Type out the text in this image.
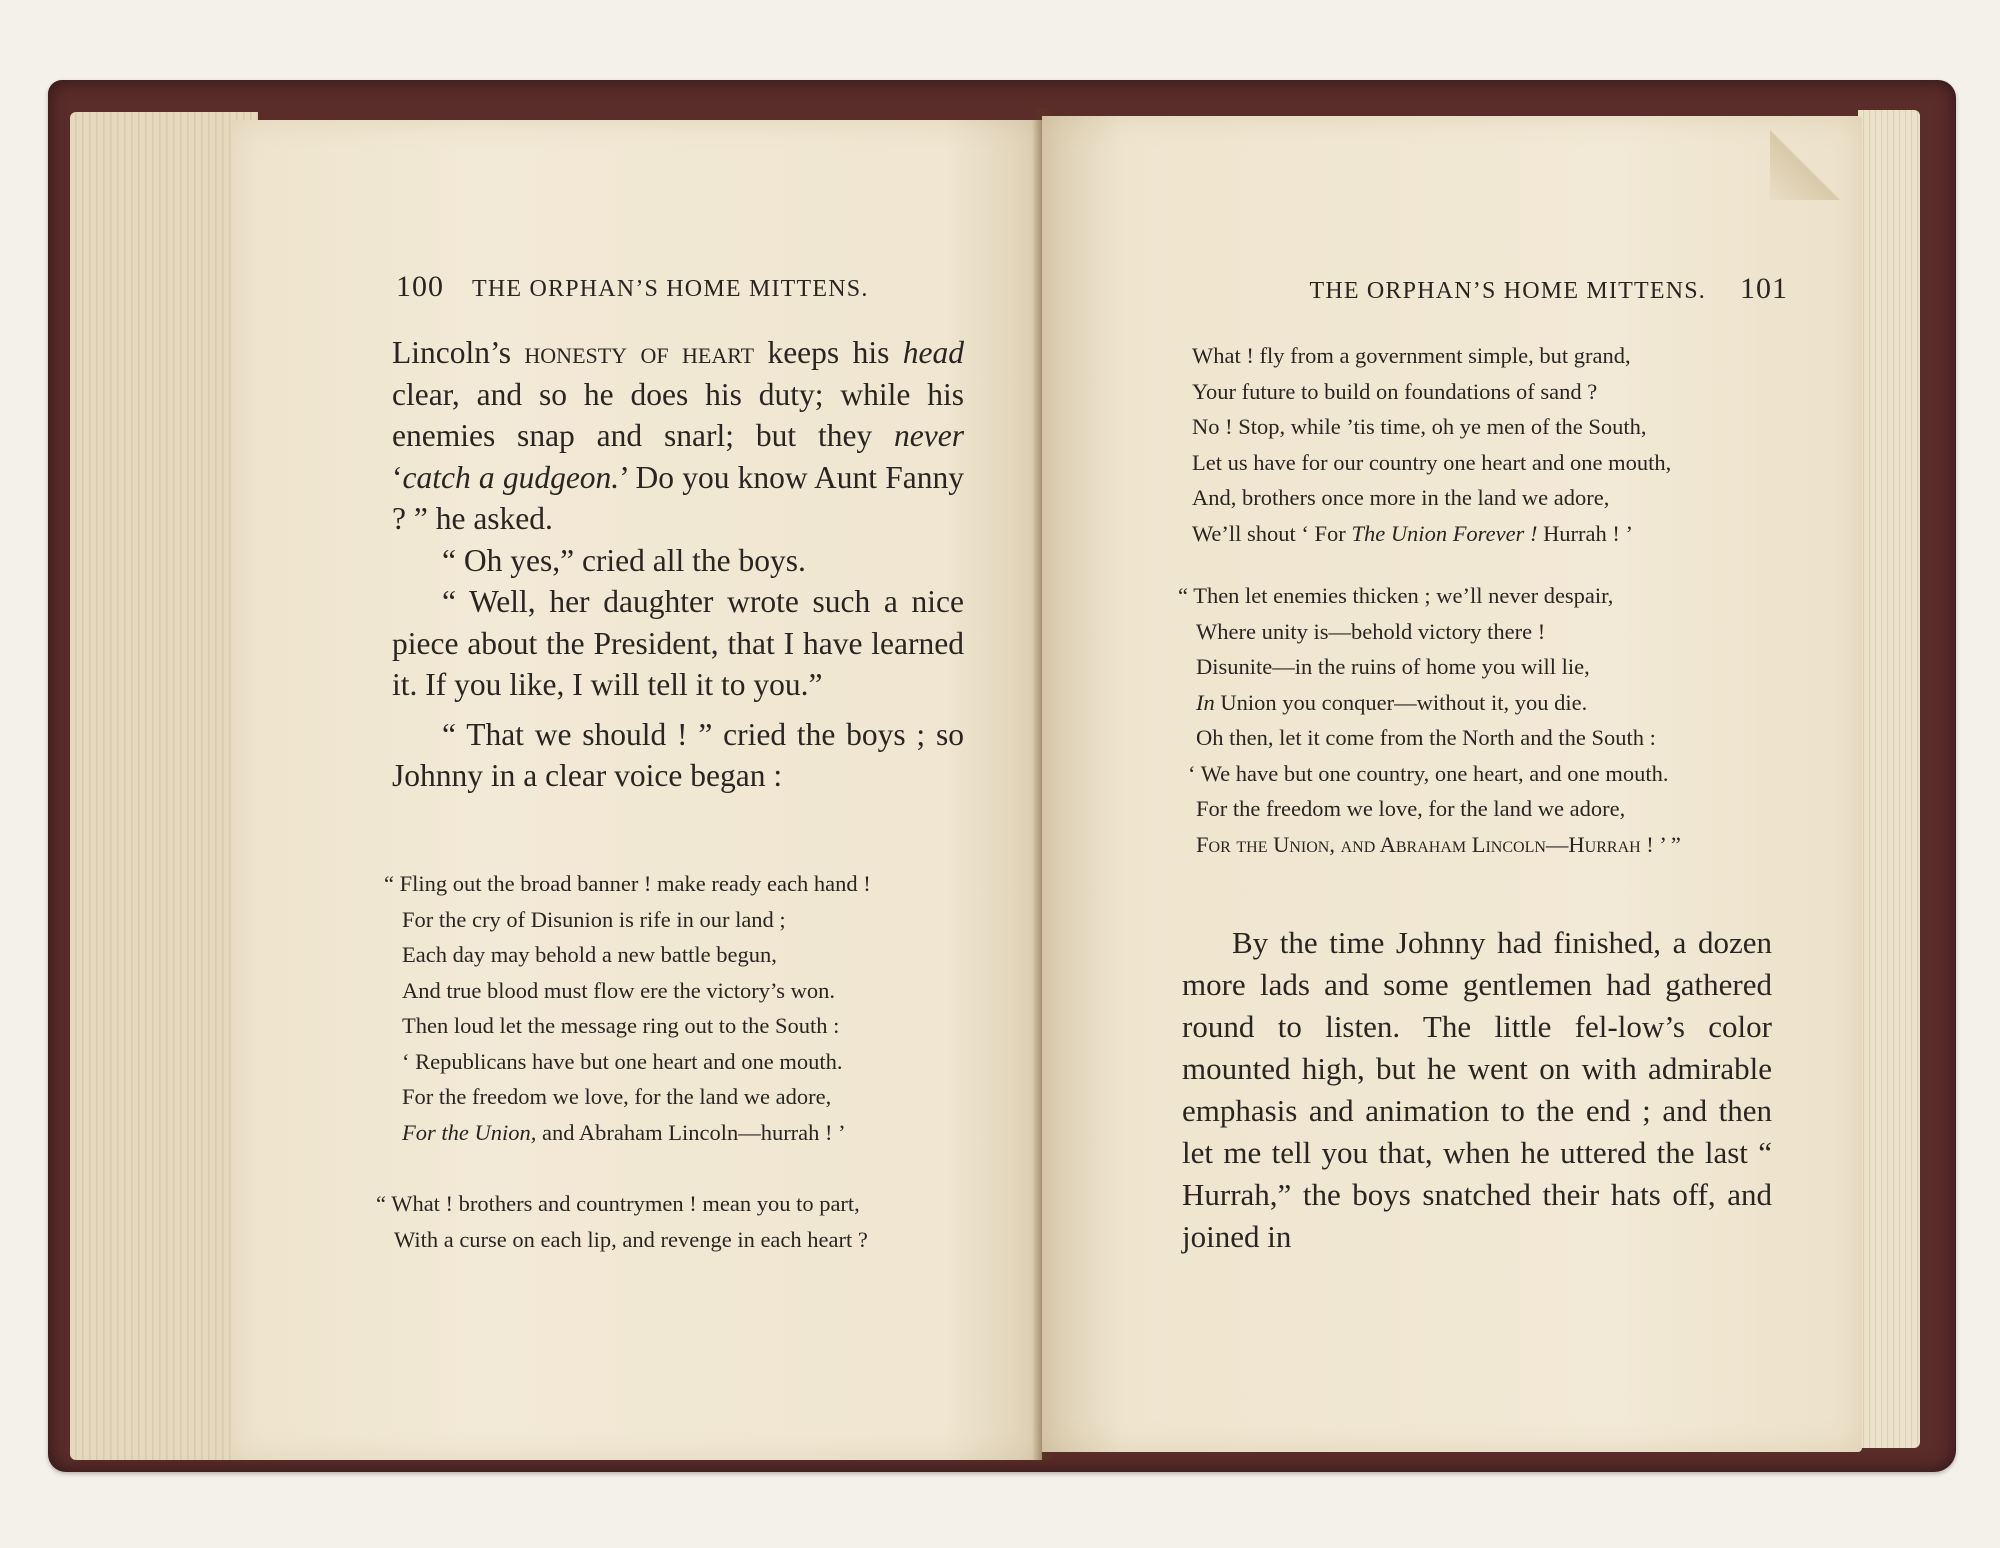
100 THE ORPHAN’S HOME MITTENS.

Lincoln’s honesty of heart keeps his head clear, and so he does his duty; while his enemies snap and snarl; but they never ‘catch a gudgeon.’ Do you know Aunt Fanny ? ” he asked.

“ Oh yes,” cried all the boys.

“ Well, her daughter wrote such a nice piece about the President, that I have learned it. If you like, I will tell it to you.”

“ That we should ! ” cried the boys ; so Johnny in a clear voice began :

“ Fling out the broad banner ! make ready each hand !
For the cry of Disunion is rife in our land ;
Each day may behold a new battle begun,
And true blood must flow ere the victory’s won.
Then loud let the message ring out to the South :
‘ Republicans have but one heart and one mouth.
For the freedom we love, for the land we adore,
For the Union, and Abraham Lincoln—hurrah ! ’
“ What ! brothers and countrymen ! mean you to part,
With a curse on each lip, and revenge in each heart ?
THE ORPHAN’S HOME MITTENS. 101
What ! fly from a government simple, but grand,
Your future to build on foundations of sand ?
No ! Stop, while ’tis time, oh ye men of the South,
Let us have for our country one heart and one mouth,
And, brothers once more in the land we adore,
We’ll shout ‘ For The Union Forever ! Hurrah ! ’
“ Then let enemies thicken ; we’ll never despair,
Where unity is—behold victory there !
Disunite—in the ruins of home you will lie,
In Union you conquer—without it, you die.
Oh then, let it come from the North and the South :
‘ We have but one country, one heart, and one mouth.
For the freedom we love, for the land we adore,
For the Union, and Abraham Lincoln—Hurrah ! ’ ”

By the time Johnny had finished, a dozen more lads and some gentlemen had gathered round to listen. The little fel-low’s color mounted high, but he went on with admirable emphasis and animation to the end ; and then let me tell you that, when he uttered the last “ Hurrah,” the boys snatched their hats off, and joined in
